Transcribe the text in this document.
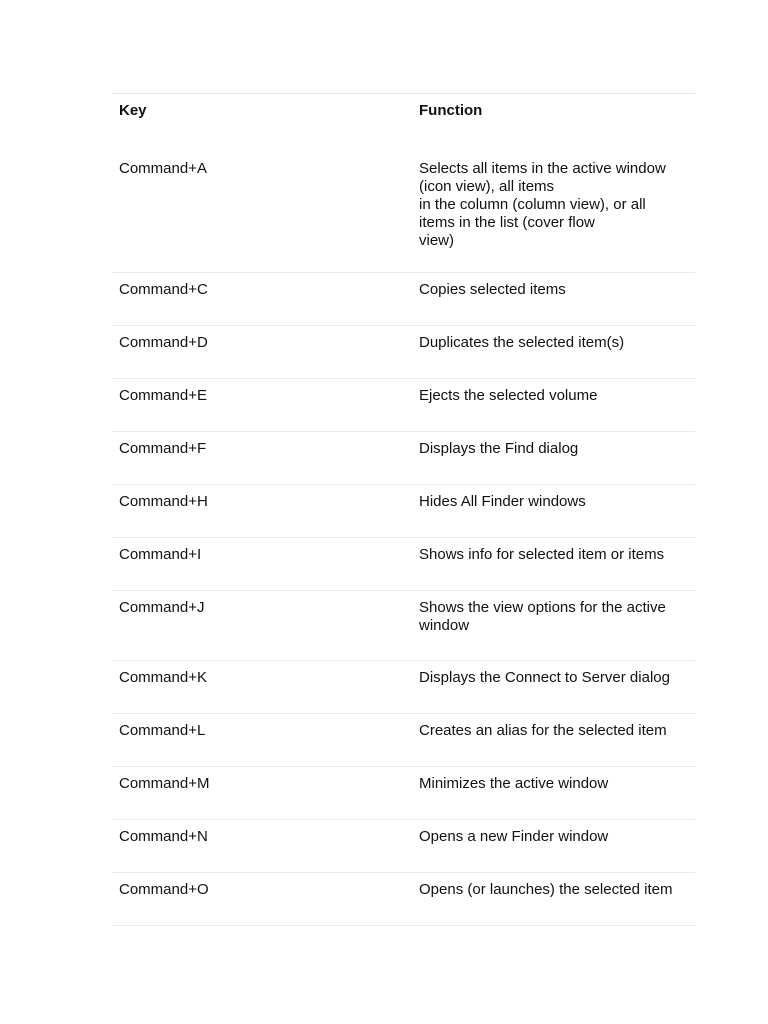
Key	Function
Command+A	Selects all items in the active window
(icon view), all items
in the column (column view), or all
items in the list (cover flow
view)
Command+C	Copies selected items
Command+D	Duplicates the selected item(s)
Command+E	Ejects the selected volume
Command+F	Displays the Find dialog
Command+H	Hides All Finder windows
Command+I	Shows info for selected item or items
Command+J	Shows the view options for the active
window
Command+K	Displays the Connect to Server dialog
Command+L	Creates an alias for the selected item
Command+M	Minimizes the active window
Command+N	Opens a new Finder window
Command+O	Opens (or launches) the selected item
